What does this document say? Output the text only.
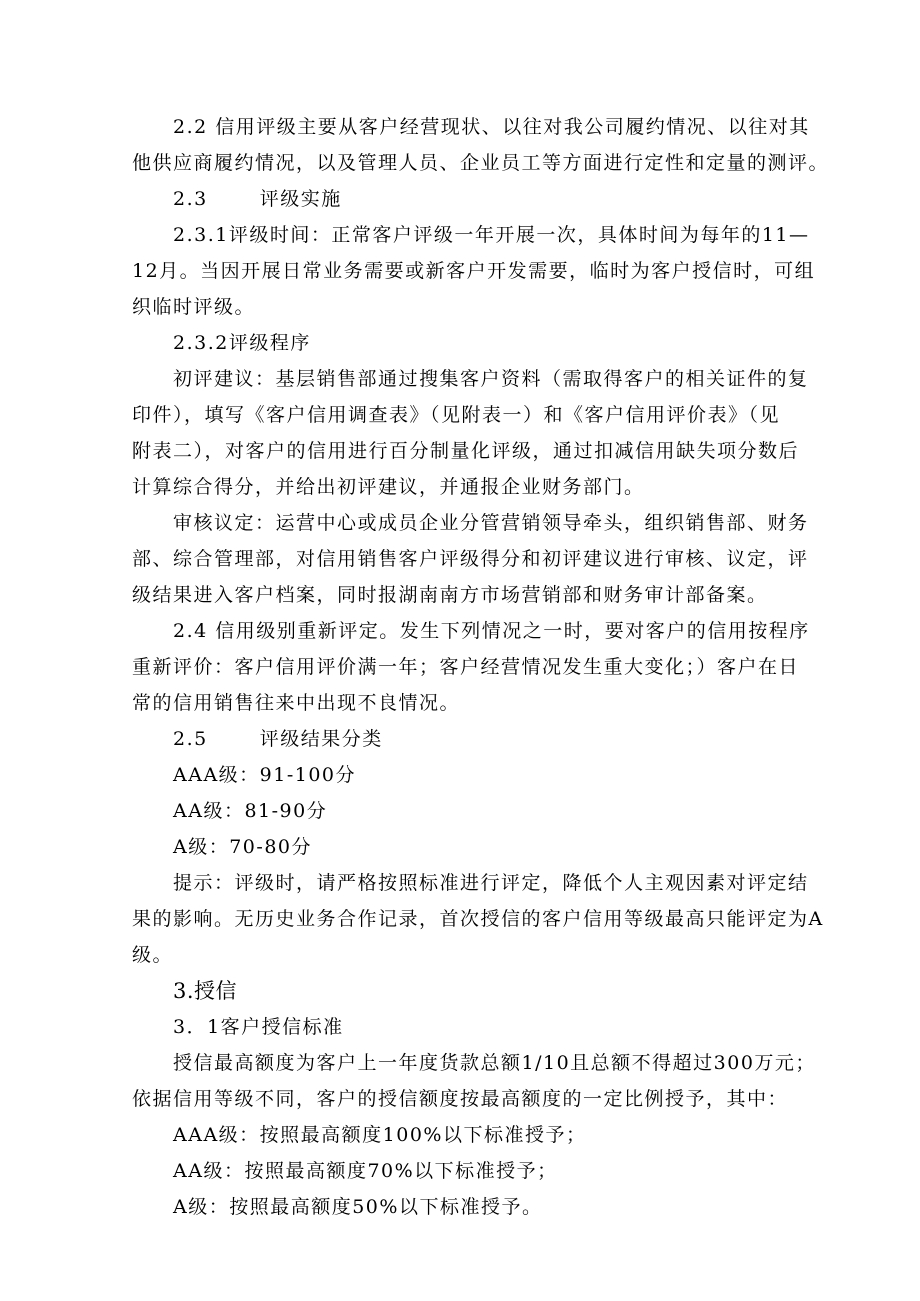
2.2 信用评级主要从客户经营现状、以往对我公司履约情况、以往对其

他供应商履约情况，以及管理人员、企业员工等方面进行定性和定量的测评。

2.3	评级实施

2.3.1评级时间：正常客户评级一年开展一次，具体时间为每年的11—

12月。当因开展日常业务需要或新客户开发需要，临时为客户授信时，可组

织临时评级。

2.3.2评级程序

初评建议：基层销售部通过搜集客户资料（需取得客户的相关证件的复

印件），填写《客户信用调查表》（见附表一）和《客户信用评价表》（见

附表二），对客户的信用进行百分制量化评级，通过扣减信用缺失项分数后

计算综合得分，并给出初评建议，并通报企业财务部门。

审核议定：运营中心或成员企业分管营销领导牵头，组织销售部、财务

部、综合管理部，对信用销售客户评级得分和初评建议进行审核、议定，评

级结果进入客户档案，同时报湖南南方市场营销部和财务审计部备案。

2.4 信用级别重新评定。发生下列情况之一时，要对客户的信用按程序

重新评价：客户信用评价满一年；客户经营情况发生重大变化；）客户在日

常的信用销售往来中出现不良情况。

2.5	评级结果分类

AAA级：91-100分

AA级：81-90分

A级：70-80分

提示：评级时，请严格按照标准进行评定，降低个人主观因素对评定结

果的影响。无历史业务合作记录，首次授信的客户信用等级最高只能评定为A

级。

3.授信

3．1客户授信标准

授信最高额度为客户上一年度货款总额1/10且总额不得超过300万元；

依据信用等级不同，客户的授信额度按最高额度的一定比例授予，其中：

AAA级：按照最高额度100%以下标准授予；

AA级：按照最高额度70%以下标准授予；

A级：按照最高额度50%以下标准授予。
